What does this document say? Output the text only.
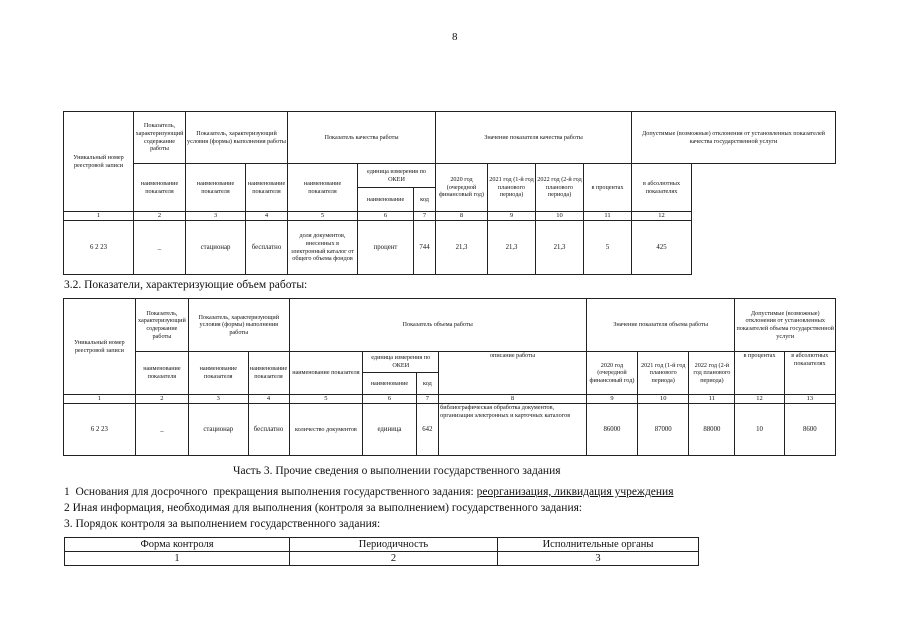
8
Уникальный номер реестровой записи	Показатель, характеризующий содержание работы	Показатель, характеризующий условия (формы) выполнения работы		Показатель качества работы			Значение показателя качества работы				Допустимые (возможные) отклонения от установленных показателей качества государственной услуги
	наименование показателя	наименование показателя	наименование показателя	наименование показателя	единица измерения по ОКЕИ		2020 год (очередной финансовый год)	2021 год (1-й год планового периода)	2022 год (2-й год планового периода)	в процентах	в абсолютных показателях
					наименование	код					
1	2	3	4	5	6	7	8	9	10	11	12
6 2 23	_	стационар	бесплатно	доля документов, внесенных в электронный каталог от общего объема фондов	процент	744	21,3	21,3	21,3	5	425
3.2. Показатели, характеризующие объем работы:
Уникальный номер реестровой записи	Показатель, характеризующий содержание работы	Показатель, характеризующий условия (формы) выполнения работы		Показатель объема работы				Значение показателя объема работы			Допустимые (возможные) отклонения от установленных показателей объема государственной услуги	
	наименование показателя	наименование показателя	наименование показателя	наименование показателя	единица измерения по ОКЕИ		описание работы	2020 год (очередной финансовый год)	2021 год (1-й год планового периода)	2022 год (2-й год планового периода)	в процентах	в абсолютных показателях
					наименование	код						
1	2	3	4	5	6	7	8	9	10	11	12	13
6 2 23	_	стационар	бесплатно	количество документов	единица	642	библиографическая обработка документов, организация электронных и карточных каталогов	86000	87000	88000	10	8600
Часть 3. Прочие сведения о выполнении государственного задания
1  Основания для досрочного  прекращения выполнения государственного задания: реорганизация, ликвидация учреждения
2 Иная информация, необходимая для выполнения (контроля за выполнением) государственного задания:
3. Порядок контроля за выполнением государственного задания:
Форма контроля	Периодичность	Исполнительные органы
1	2	3
